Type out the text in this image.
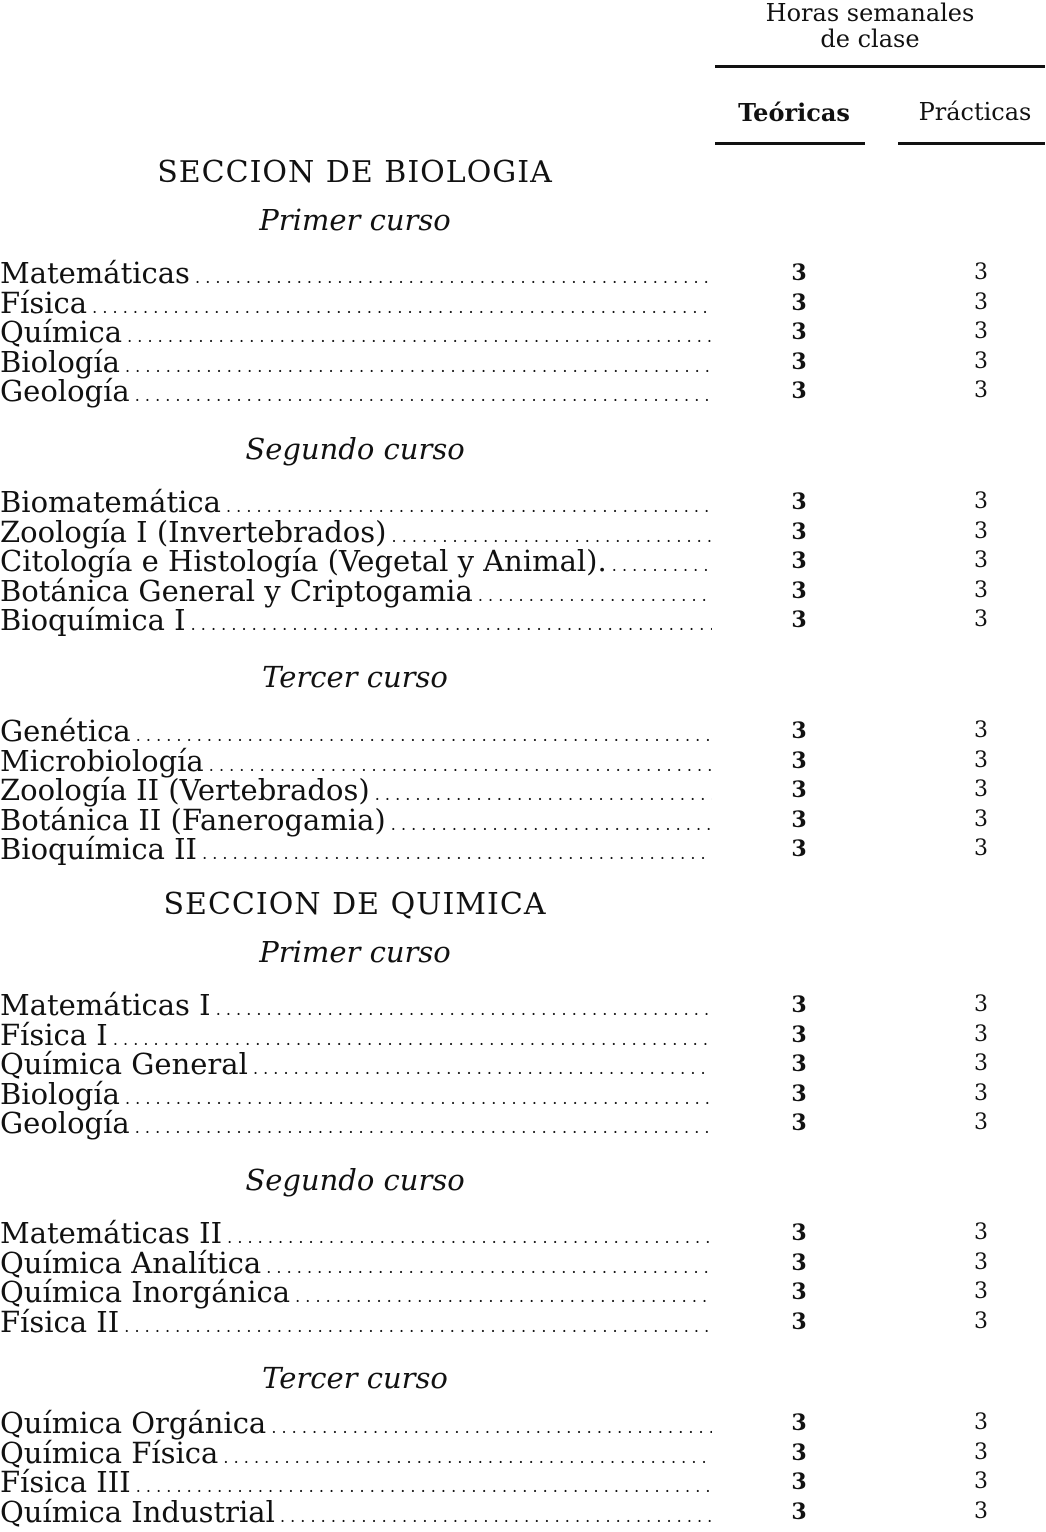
Horas semanales
de clase
Teóricas	Prácticas
SECCION DE BIOLOGIA
Primer curso
Matemáticas . . .	3	3
Física . . .	3	3
Química . . .	3	3
Biología . . .	3	3
Geología . . .	3	3
Segundo curso
Biomatemática . . .	3	3
Zoología I (Invertebrados) . . .	3	3
Citología e Histología (Vegetal y Animal). . . .	3	3
Botánica General y Criptogamia . . .	3	3
Bioquímica I . . .	3	3
Tercer curso
Genética . . .	3	3
Microbiología . . .	3	3
Zoología II (Vertebrados) . . .	3	3
Botánica II (Fanerogamia) . . .	3	3
Bioquímica II . . .	3	3
SECCION DE QUIMICA
Primer curso
Matemáticas I . . .	3	3
Física I . . .	3	3
Química General . . .	3	3
Biología . . .	3	3
Geología . . .	3	3
Segundo curso
Matemáticas II . . .	3	3
Química Analítica . . .	3	3
Química Inorgánica . . .	3	3
Física II . . .	3	3
Tercer curso
Química Orgánica . . .	3	3
Química Física . . .	3	3
Física III . . .	3	3
Química Industrial . . .	3	3
